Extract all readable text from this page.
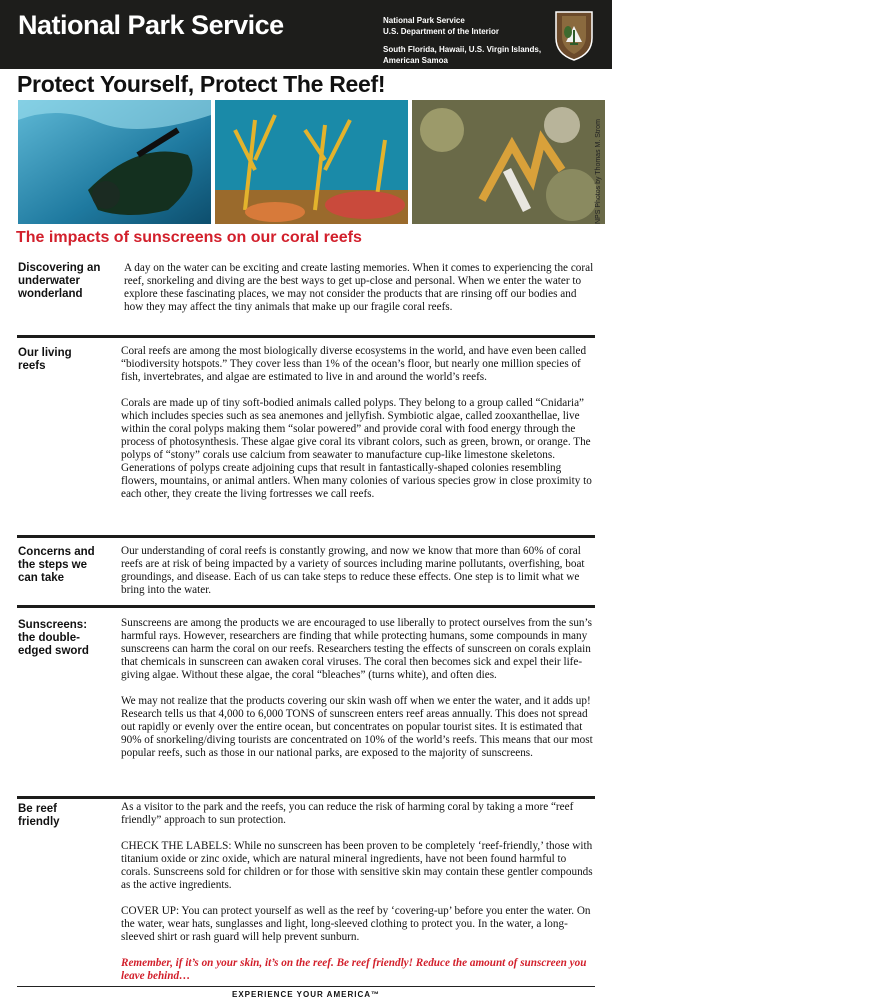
National Park Service	National Park Service
U.S. Department of the Interior
South Florida, Hawaii, U.S. Virgin Islands,
American Samoa
Protect Yourself, Protect The Reef!
NPS Photos by Thomas M. Strom
The impacts of sunscreens on our coral reefs
Discovering an
underwater
wonderland

A day on the water can be exciting and create lasting memories. When it comes to experiencing the coral reef, snorkeling and diving are the best ways to get up-close and personal. When we enter the water to explore these fascinating places, we may not consider the products that are rinsing off our bodies and how they may affect the tiny animals that make up our fragile coral reefs.

Our living
reefs

Coral reefs are among the most biologically diverse ecosystems in the world, and have even been called “biodiversity hotspots.” They cover less than 1% of the ocean’s floor, but nearly one million species of fish, invertebrates, and algae are estimated to live in and around the world’s reefs.

Corals are made up of tiny soft-bodied animals called polyps. They belong to a group called “Cnidaria” which includes species such as sea anemones and jellyfish. Symbiotic algae, called zooxanthellae, live within the coral polyps making them “solar powered” and provide coral with food energy through the process of photosynthesis. These algae give coral its vibrant colors, such as green, brown, or orange. The polyps of “stony” corals use calcium from seawater to manufacture cup-like limestone skeletons. Generations of polyps create adjoining cups that result in fantastically-shaped colonies resembling flowers, mountains, or animal antlers. When many colonies of various species grow in close proximity to each other, they create the living fortresses we call reefs.

Concerns and
the steps we
can take

Our understanding of coral reefs is constantly growing, and now we know that more than 60% of coral reefs are at risk of being impacted by a variety of sources including marine pollutants, overfishing, boat groundings, and disease. Each of us can take steps to reduce these effects. One step is to limit what we bring into the water.

Sunscreens:
the double-
edged sword

Sunscreens are among the products we are encouraged to use liberally to protect ourselves from the sun’s harmful rays. However, researchers are finding that while protecting humans, some compounds in many sunscreens can harm the coral on our reefs. Researchers testing the effects of sunscreen on corals explain that chemicals in sunscreen can awaken coral viruses. The coral then becomes sick and expel their life-giving algae. Without these algae, the coral “bleaches” (turns white), and often dies.

We may not realize that the products covering our skin wash off when we enter the water, and it adds up! Research tells us that 4,000 to 6,000 TONS of sunscreen enters reef areas annually. This does not spread out rapidly or evenly over the entire ocean, but concentrates on popular tourist sites. It is estimated that 90% of snorkeling/diving tourists are concentrated on 10% of the world’s reefs. This means that our most popular reefs, such as those in our national parks, are exposed to the majority of sunscreens.

Be reef
friendly

As a visitor to the park and the reefs, you can reduce the risk of harming coral by taking a more “reef friendly” approach to sun protection.

CHECK THE LABELS: While no sunscreen has been proven to be completely ‘reef-friendly,’ those with titanium oxide or zinc oxide, which are natural mineral ingredients, have not been found harmful to corals. Sunscreens sold for children or for those with sensitive skin may contain these gentler compounds as the active ingredients.

COVER UP: You can protect yourself as well as the reef by ‘covering-up’ before you enter the water. On the water, wear hats, sunglasses and light, long-sleeved clothing to protect you. In the water, a long-sleeved shirt or rash guard will help prevent sunburn.

Remember, if it’s on your skin, it’s on the reef. Be reef friendly! Reduce the amount of sunscreen you leave behind…

EXPERIENCE YOUR AMERICA™
